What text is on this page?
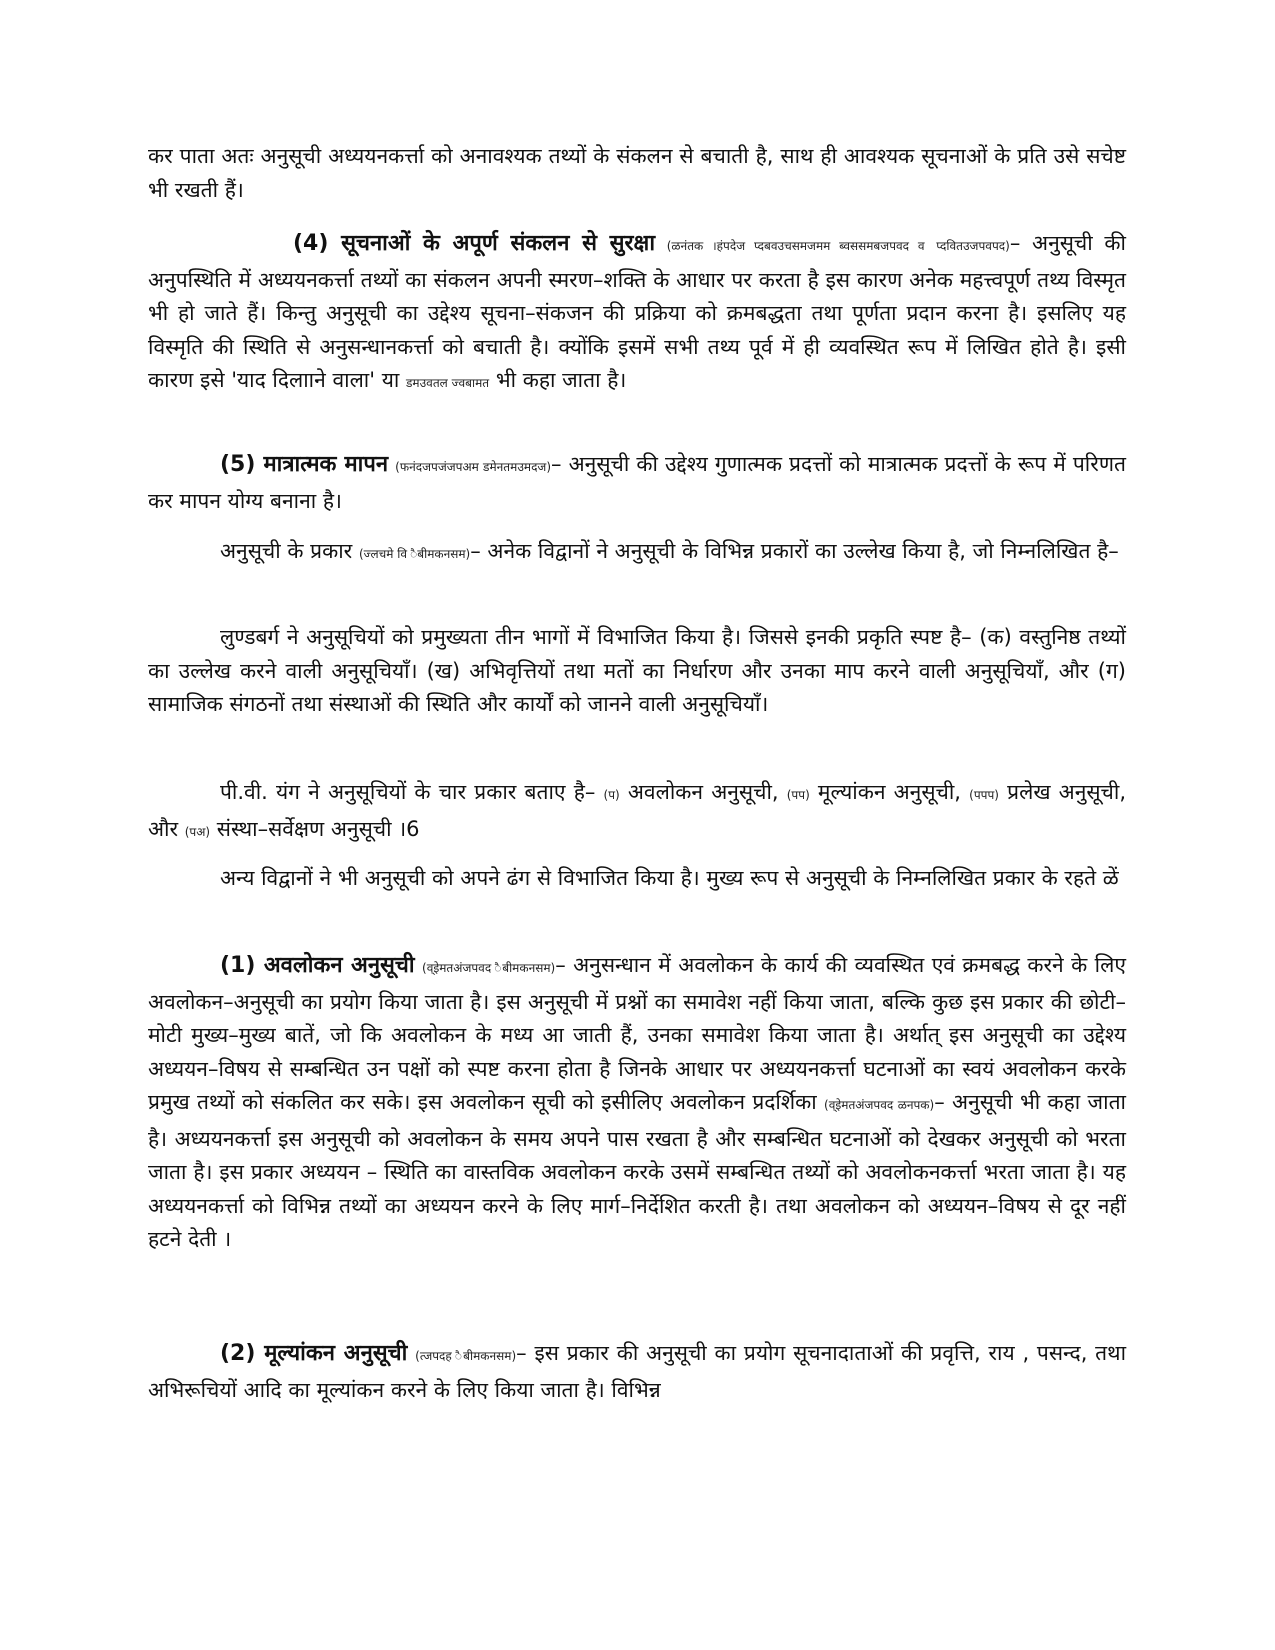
कर पाता अतः अनुसूची अध्ययनकर्त्ता को अनावश्यक तथ्यों के संकलन से बचाती है, साथ ही आवश्यक सूचनाओं के प्रति उसे सचेष्ट भी रखती हैं।

(4) सूचनाओं के अपूर्ण संकलन से सुरक्षा (ळनंतक ।हंपदेज प्दबवउचसमजमम ब्वससमबजपवद व प्दवितउजपवपद)– अनुसूची की अनुपस्थिति में अध्ययनकर्त्ता तथ्यों का संकलन अपनी स्मरण–शक्ति के आधार पर करता है इस कारण अनेक महत्त्वपूर्ण तथ्य विस्मृत भी हो जाते हैं। किन्तु अनुसूची का उद्देश्य सूचना–संकजन की प्रक्रिया को क्रमबद्धता तथा पूर्णता प्रदान करना है। इसलिए यह विस्मृति की स्थिति से अनुसन्धानकर्त्ता को बचाती है। क्योंकि इसमें सभी तथ्य पूर्व में ही व्यवस्थित रूप में लिखित होते है। इसी कारण इसे 'याद दिलााने वाला' या डमउवतल ज्वबामत भी कहा जाता है।

(5) मात्रात्मक मापन (फनंदजपजंजपअम डमेनतमउमदज)– अनुसूची की उद्देश्य गुणात्मक प्रदत्तों को मात्रात्मक प्रदत्तों के रूप में परिणत कर मापन योग्य बनाना है।

अनुसूची के प्रकार (ज्लचमे वि ैबीमकनसम)– अनेक विद्वानों ने अनुसूची के विभिन्न प्रकारों का उल्लेख किया है, जो निम्नलिखित है–

लुण्डबर्ग ने अनुसूचियों को प्रमुख्यता तीन भागों में विभाजित किया है। जिससे इनकी प्रकृति स्पष्ट है– (क) वस्तुनिष्ठ तथ्यों का उल्लेख करने वाली अनुसूचियाँ। (ख) अभिवृत्तियों तथा मतों का निर्धारण और उनका माप करने वाली अनुसूचियाँ, और (ग) सामाजिक संगठनों तथा संस्थाओं की स्थिति और कार्यों को जानने वाली अनुसूचियाँ।

पी.वी. यंग ने अनुसूचियों के चार प्रकार बताए है– (प) अवलोकन अनुसूची, (पप) मूल्यांकन अनुसूची, (पपप) प्रलेख अनुसूची, और (पअ) संस्था–सर्वेक्षण अनुसूची ।6

अन्य विद्वानों ने भी अनुसूची को अपने ढंग से विभाजित किया है। मुख्य रूप से अनुसूची के निम्नलिखित प्रकार के रहते ळें

(1) अवलोकन अनुसूची (व्इेमतअंजपवद ैबीमकनसम)– अनुसन्धान में अवलोकन के कार्य की व्यवस्थित एवं क्रमबद्ध करने के लिए अवलोकन–अनुसूची का प्रयोग किया जाता है। इस अनुसूची में प्रश्नों का समावेश नहीं किया जाता, बल्कि कुछ इस प्रकार की छोटी–मोटी मुख्य–मुख्य बातें, जो कि अवलोकन के मध्य आ जाती हैं, उनका समावेश किया जाता है। अर्थात् इस अनुसूची का उद्देश्य अध्ययन–विषय से सम्बन्धित उन पक्षों को स्पष्ट करना होता है जिनके आधार पर अध्ययनकर्त्ता घटनाओं का स्वयं अवलोकन करके प्रमुख तथ्यों को संकलित कर सके। इस अवलोकन सूची को इसीलिए अवलोकन प्रदर्शिका (व्इेमतअंजपवद ळनपक)– अनुसूची भी कहा जाता है। अध्ययनकर्त्ता इस अनुसूची को अवलोकन के समय अपने पास रखता है और सम्बन्धित घटनाओं को देखकर अनुसूची को भरता जाता है। इस प्रकार अध्ययन – स्थिति का वास्तविक अवलोकन करके उसमें सम्बन्धित तथ्यों को अवलोकनकर्त्ता भरता जाता है। यह अध्ययनकर्त्ता को विभिन्न तथ्यों का अध्ययन करने के लिए मार्ग–निर्देशित करती है। तथा अवलोकन को अध्ययन–विषय से दूर नहीं हटने देती ।

(2) मूल्यांकन अनुसूची (त्जपदह ैबीमकनसम)– इस प्रकार की अनुसूची का प्रयोग सूचनादाताओं की प्रवृत्ति, राय , पसन्द, तथा अभिरूचियों आदि का मूल्यांकन करने के लिए किया जाता है। विभिन्न
